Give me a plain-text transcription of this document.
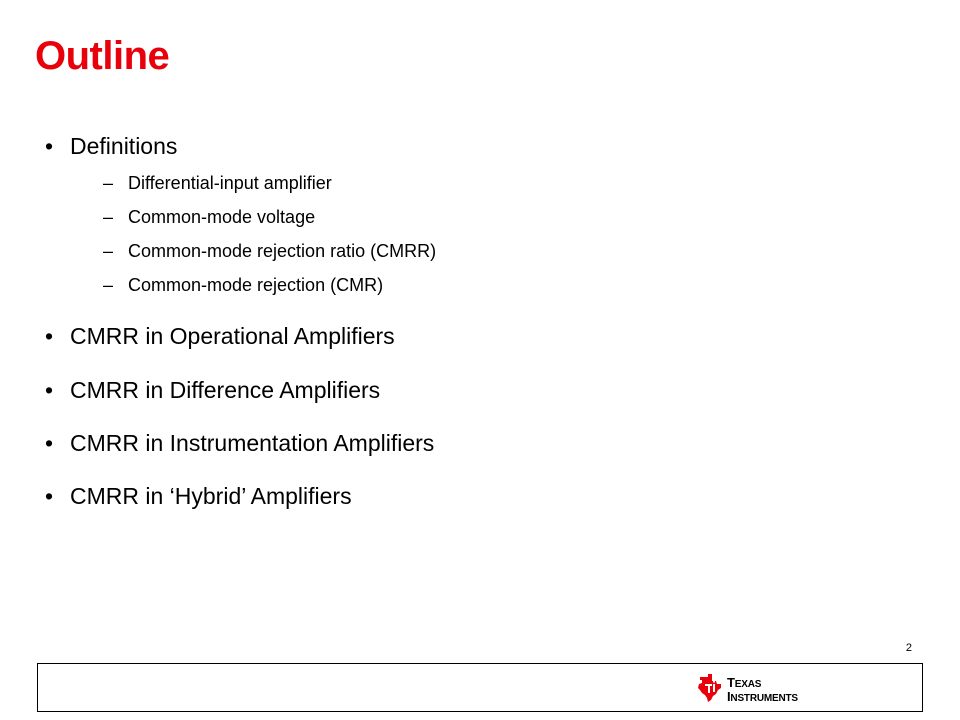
Outline
• Definitions
– Differential-input amplifier
– Common-mode voltage
– Common-mode rejection ratio (CMRR)
– Common-mode rejection (CMR)
• CMRR in Operational Amplifiers
• CMRR in Difference Amplifiers
• CMRR in Instrumentation Amplifiers
• CMRR in ‘Hybrid’ Amplifiers
2
TEXAS
INSTRUMENTS
